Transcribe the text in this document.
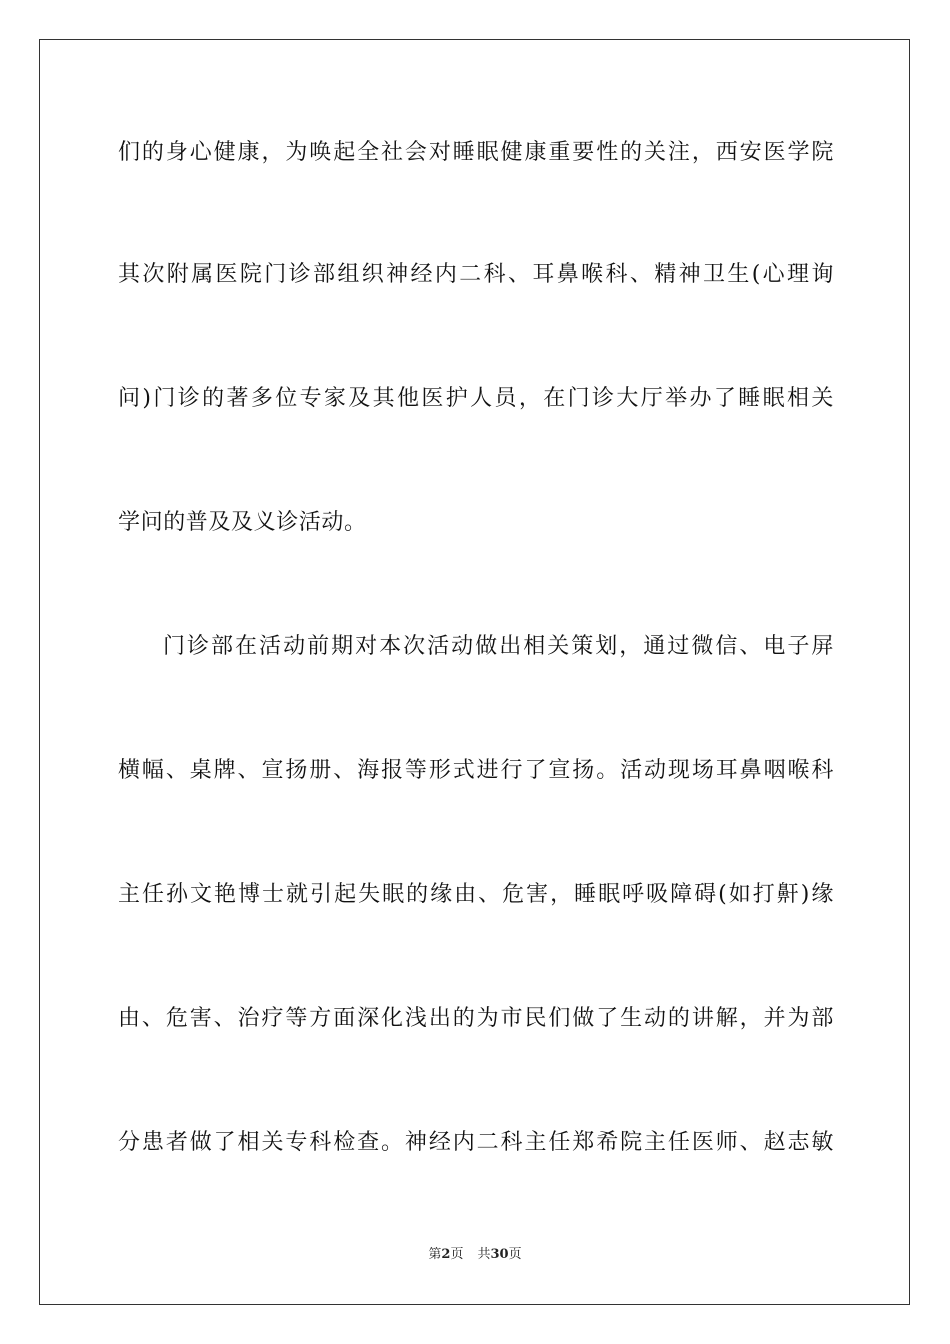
们的身心健康，为唤起全社会对睡眠健康重要性的关注，西安医学院
其次附属医院门诊部组织神经内二科、耳鼻喉科、精神卫生(心理询
问)门诊的著多位专家及其他医护人员，在门诊大厅举办了睡眠相关
学问的普及及义诊活动。
门诊部在活动前期对本次活动做出相关策划，通过微信、电子屏
横幅、桌牌、宣扬册、海报等形式进行了宣扬。活动现场耳鼻咽喉科
主任孙文艳博士就引起失眠的缘由、危害，睡眠呼吸障碍(如打鼾)缘
由、危害、治疗等方面深化浅出的为市民们做了生动的讲解，并为部
分患者做了相关专科检查。神经内二科主任郑希院主任医师、赵志敏
第2页 共30页
